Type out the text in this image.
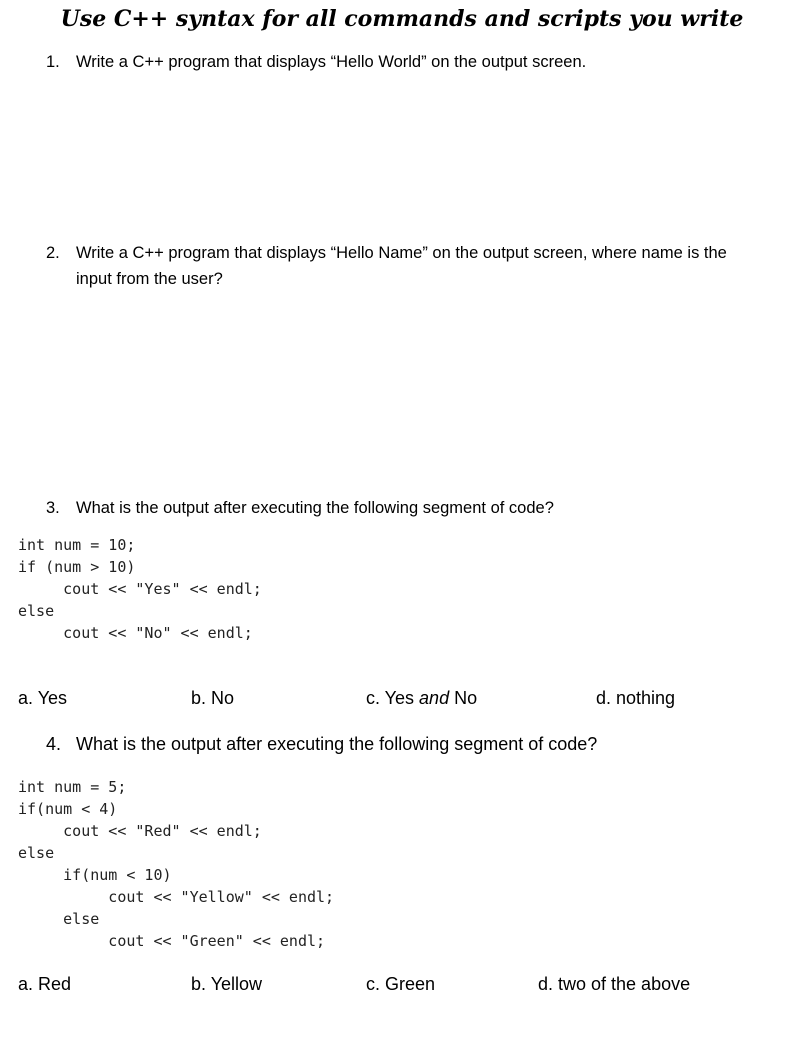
Use C++ syntax for all commands and scripts you write
1. Write a C++ program that displays “Hello World” on the output screen.
2. Write a C++ program that displays “Hello Name” on the output screen, where name is the input from the user?
3. What is the output after executing the following segment of code?
int num = 10;
if (num > 10)
cout << "Yes" << endl;
else
cout << "No" << endl;
a. Yes	b. No	c. Yes and No	d. nothing
4. What is the output after executing the following segment of code?
int num = 5;
if(num < 4)
cout << "Red" << endl;
else
if(num < 10)
cout << "Yellow" << endl;
else
cout << "Green" << endl;
a. Red	b. Yellow	c. Green	d. two of the above
